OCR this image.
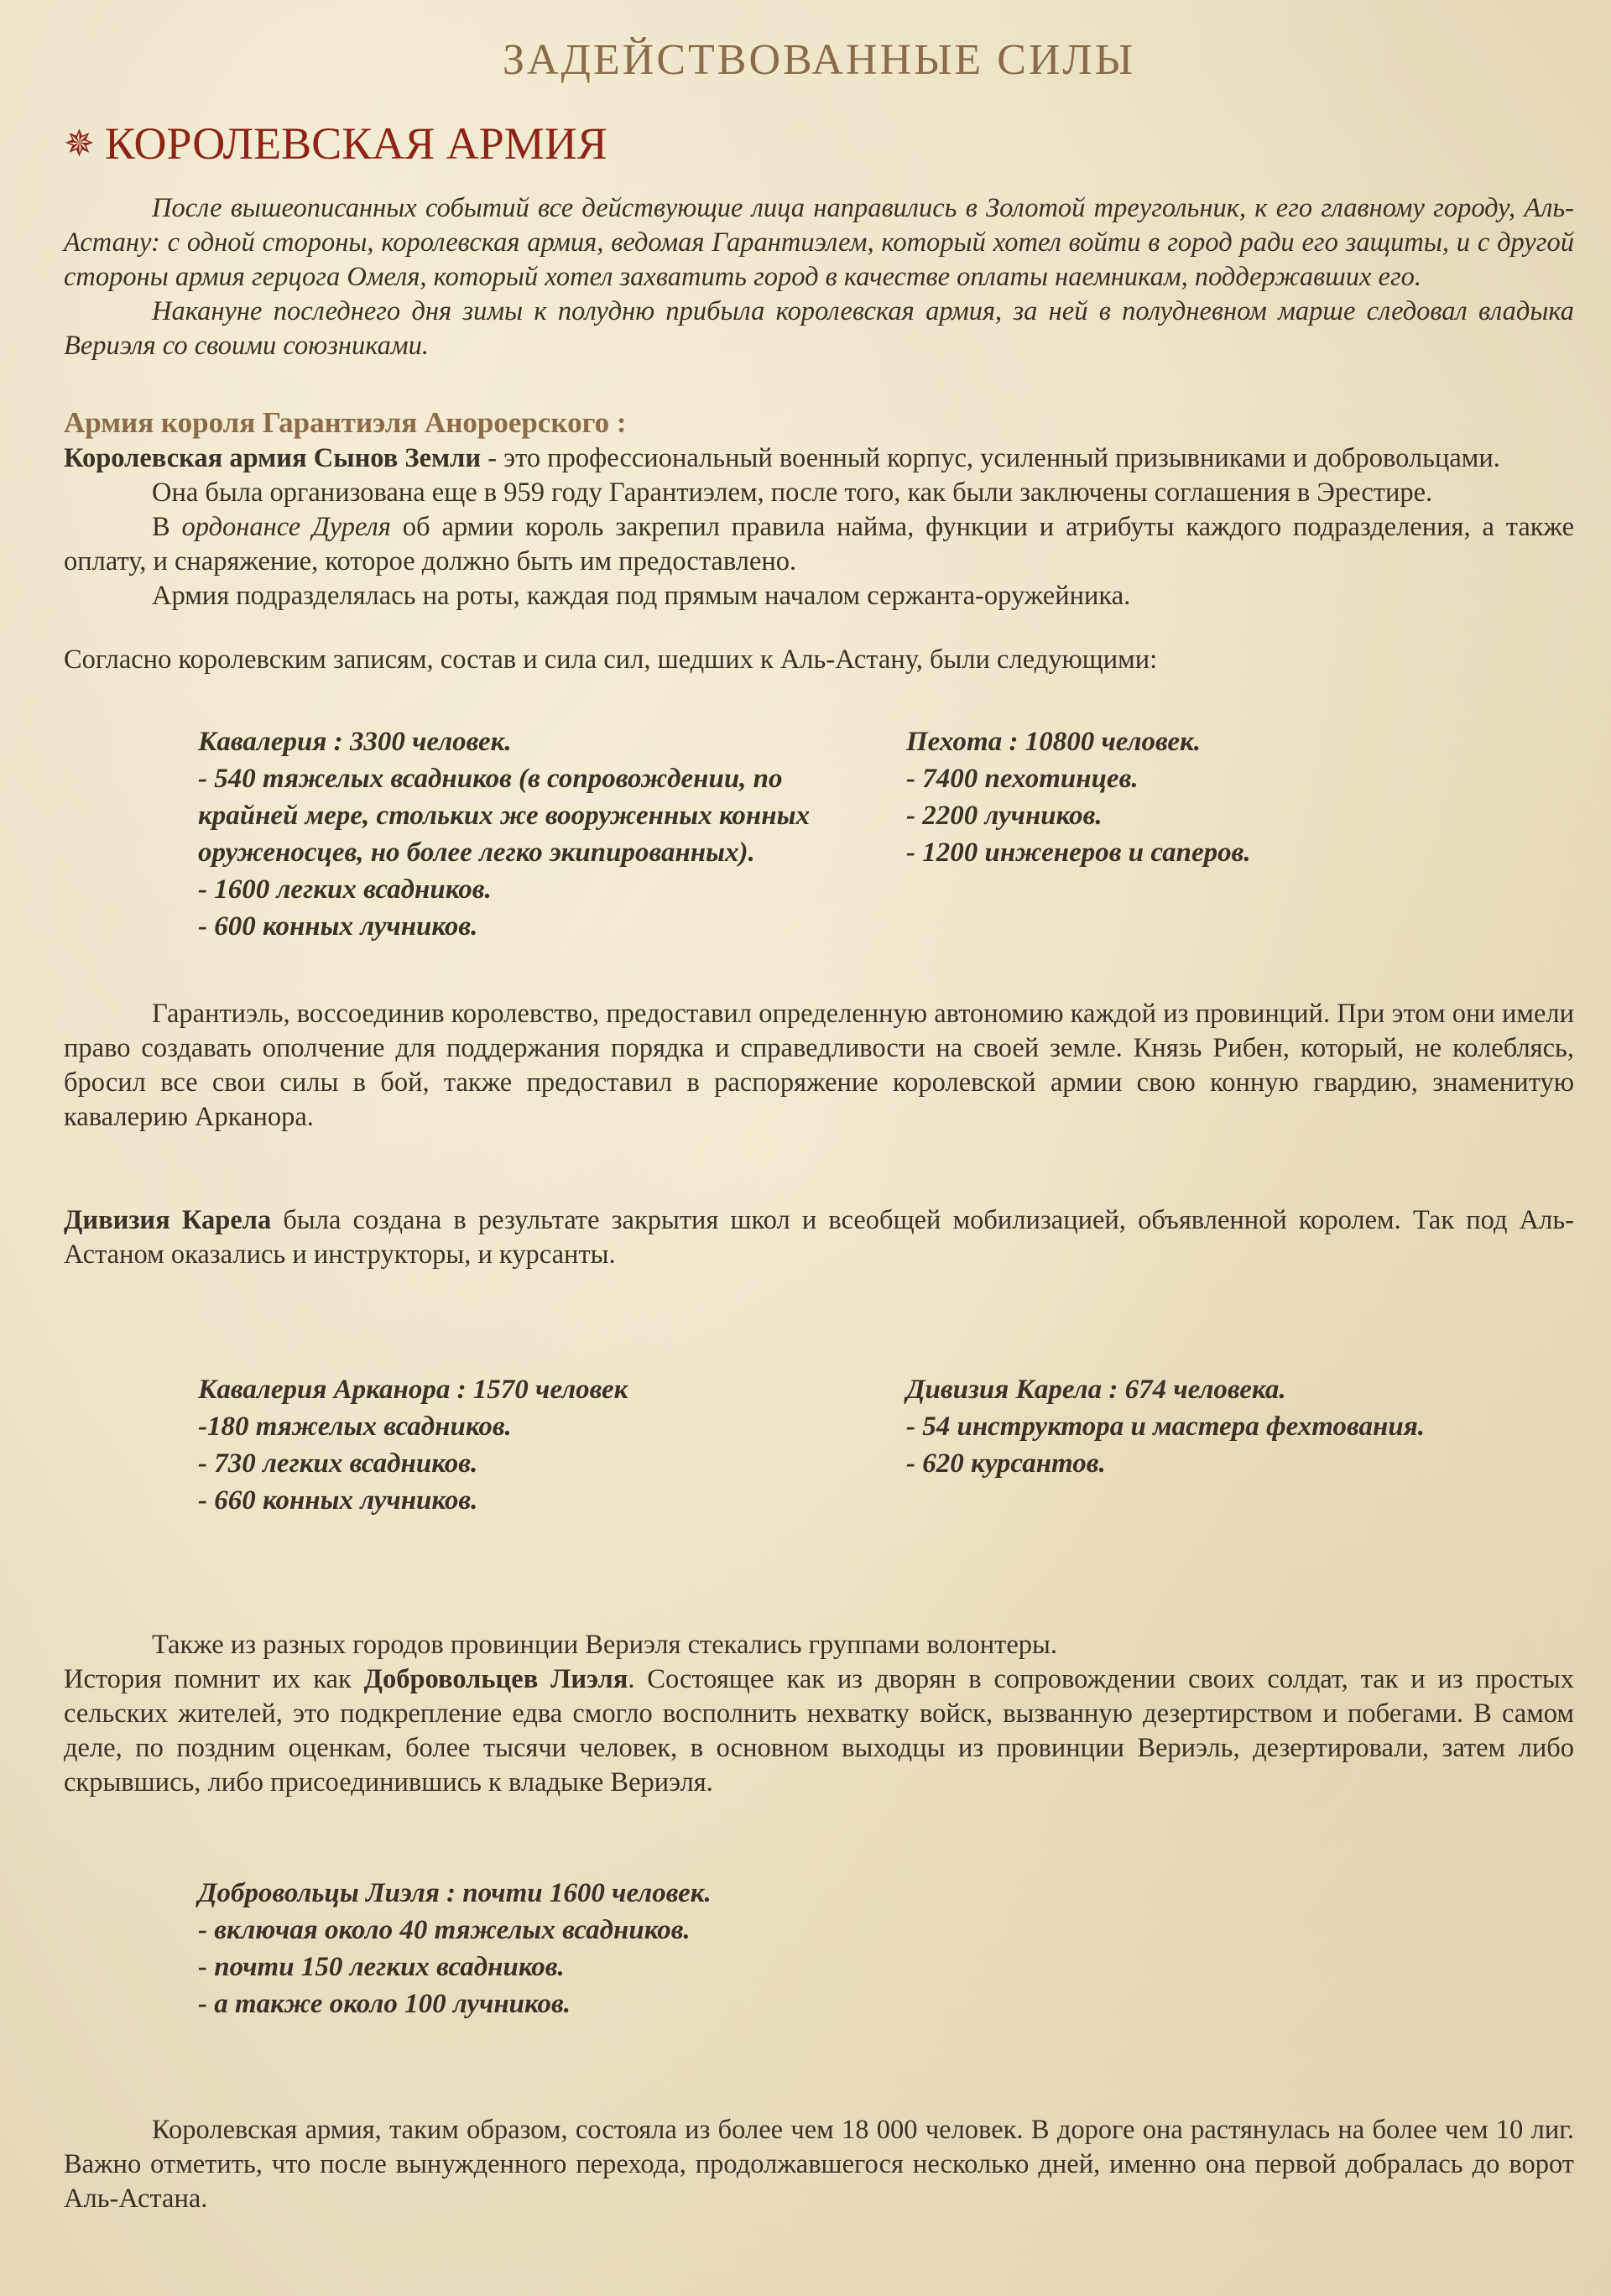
ЗАДЕЙСТВОВАННЫЕ СИЛЫ
✵ КОРОЛЕВСКАЯ АРМИЯ

После вышеописанных событий все действующие лица направились в Золотой треугольник, к его главному городу, Аль-Астану: с одной стороны, королевская армия, ведомая Гарантиэлем, который хотел войти в город ради его защиты, и с другой стороны армия герцога Омеля, который хотел захватить город в качестве оплаты наемникам, поддержавших его.

Накануне последнего дня зимы к полудню прибыла королевская армия, за ней в полудневном марше следовал владыка Вериэля со своими союзниками.

Армия короля Гарантиэля Анороерского :

Королевская армия Сынов Земли - это профессиональный военный корпус, усиленный призывниками и добровольцами.

Она была организована еще в 959 году Гарантиэлем, после того, как были заключены соглашения в Эрестире.

В ордонансе Дуреля об армии король закрепил правила найма, функции и атрибуты каждого подразделения, а также оплату, и снаряжение, которое должно быть им предоставлено.

Армия подразделялась на роты, каждая под прямым началом сержанта-оружейника.

Согласно королевским записям, состав и сила сил, шедших к Аль-Астану, были следующими:

Кавалерия : 3300 человек.
- 540 тяжелых всадников (в сопровождении, по
крайней мере, стольких же вооруженных конных
оруженосцев, но более легко экипированных).
- 1600 легких всадников.
- 600 конных лучников.
Пехота : 10800 человек.
- 7400 пехотинцев.
- 2200 лучников.
- 1200 инженеров и саперов.

Гарантиэль, воссоединив королевство, предоставил определенную автономию каждой из провинций. При этом они имели право создавать ополчение для поддержания порядка и справедливости на своей земле. Князь Рибен, который, не колеблясь, бросил все свои силы в бой, также предоставил в распоряжение королевской армии свою конную гвардию, знаменитую кавалерию Арканора.

Дивизия Карела была создана в результате закрытия школ и всеобщей мобилизацией, объявленной королем. Так под Аль-Астаном оказались и инструкторы, и курсанты.

Кавалерия Арканора : 1570 человек
-180 тяжелых всадников.
- 730 легких всадников.
- 660 конных лучников.
Дивизия Карела : 674 человека.
- 54 инструктора и мастера фехтования.
- 620 курсантов.

Также из разных городов провинции Вериэля стекались группами волонтеры.

История помнит их как Добровольцев Лиэля. Состоящее как из дворян в сопровождении своих солдат, так и из простых сельских жителей, это подкрепление едва смогло восполнить нехватку войск, вызванную дезертирством и побегами. В самом деле, по поздним оценкам, более тысячи человек, в основном выходцы из провинции Вериэль, дезертировали, затем либо скрывшись, либо присоединившись к владыке Вериэля.

Добровольцы Лиэля : почти 1600 человек.
- включая около 40 тяжелых всадников.
- почти 150 легких всадников.
- а также около 100 лучников.

Королевская армия, таким образом, состояла из более чем 18 000 человек. В дороге она растянулась на более чем 10 лиг. Важно отметить, что после вынужденного перехода, продолжавшегося несколько дней, именно она первой добралась до ворот Аль-Астана.
